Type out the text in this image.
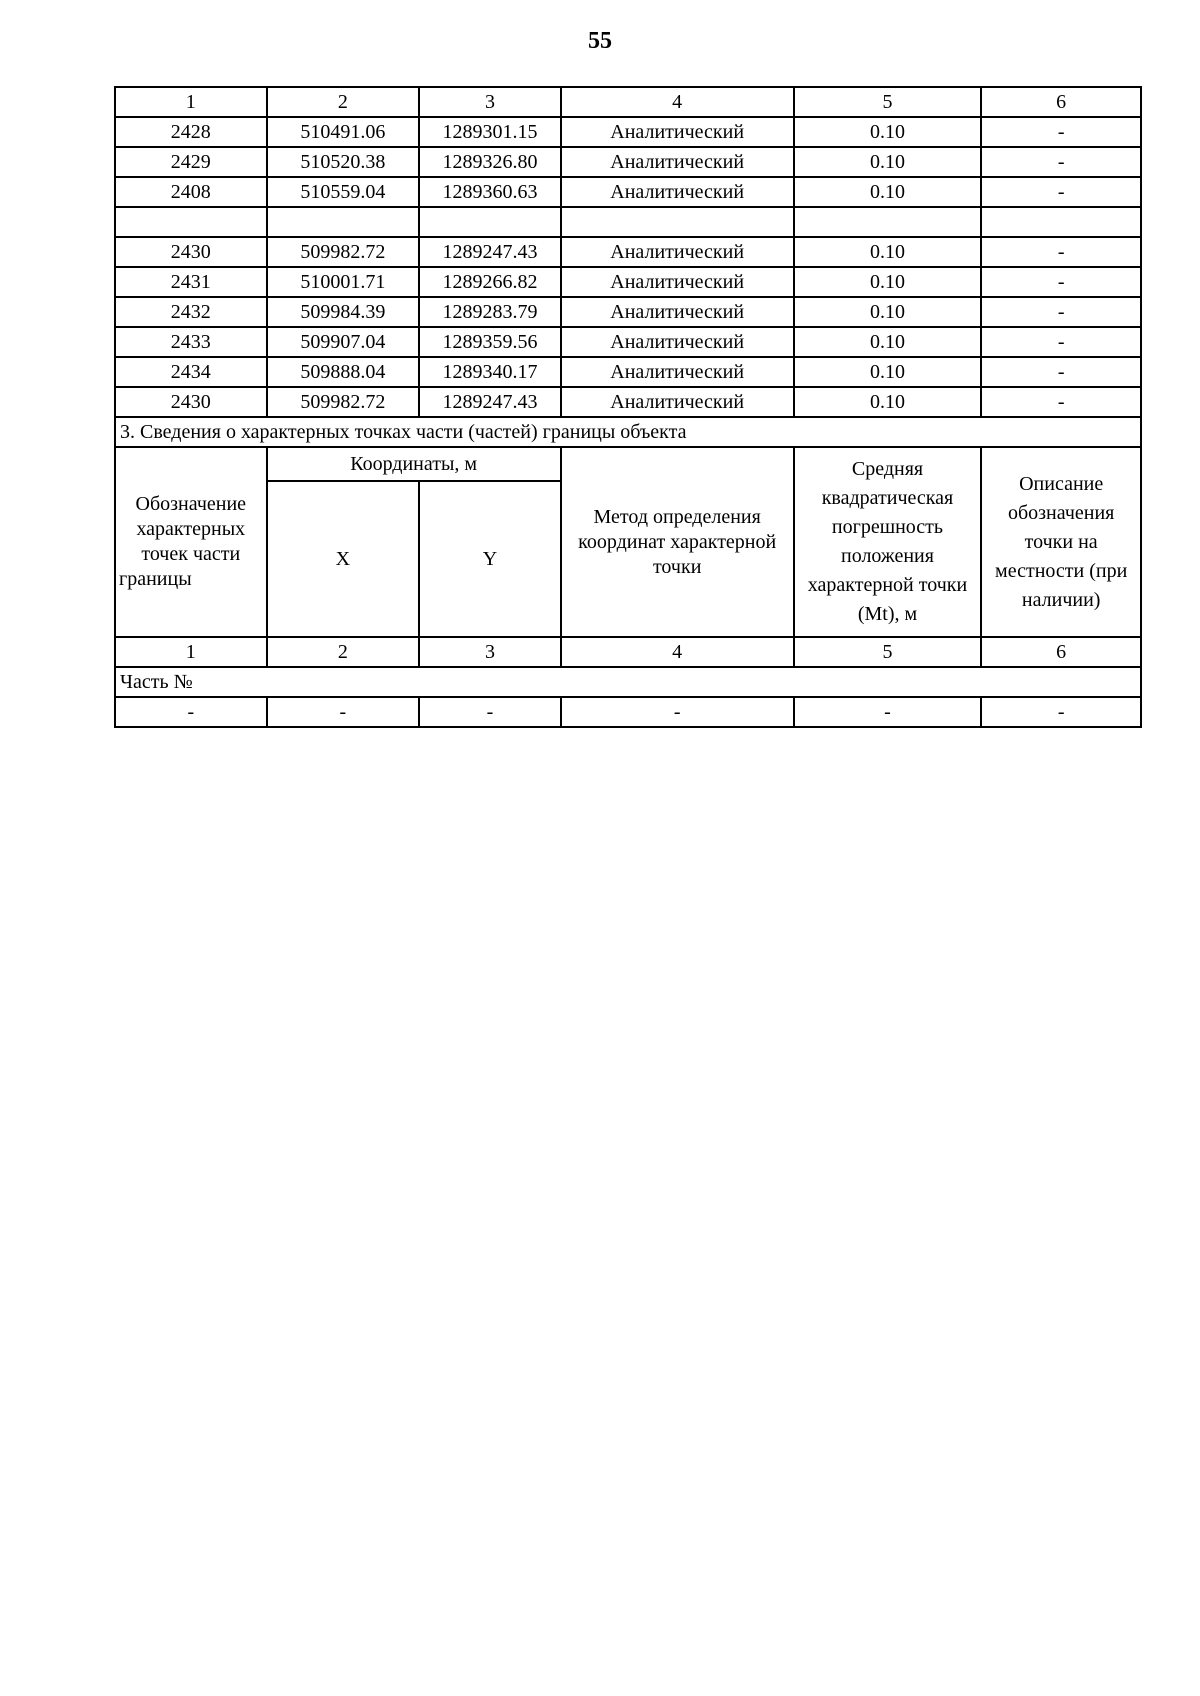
55
1	2	3	4	5	6
2428	510491.06	1289301.15	Аналитический	0.10	-
2429	510520.38	1289326.80	Аналитический	0.10	-
2408	510559.04	1289360.63	Аналитический	0.10	-

2430	509982.72	1289247.43	Аналитический	0.10	-
2431	510001.71	1289266.82	Аналитический	0.10	-
2432	509984.39	1289283.79	Аналитический	0.10	-
2433	509907.04	1289359.56	Аналитический	0.10	-
2434	509888.04	1289340.17	Аналитический	0.10	-
2430	509982.72	1289247.43	Аналитический	0.10	-
3. Сведения о характерных точках части (частей) границы объекта					
Обозначение характерных точек части границы	Координаты, м		Метод определения координат характерной точки	Средняя квадратическая погрешность положения характерной точки (Mt), м	Описание обозначения точки на местности (при наличии)
	X	Y			
1	2	3	4	5	6
Часть №					
-	-	-	-	-	-
